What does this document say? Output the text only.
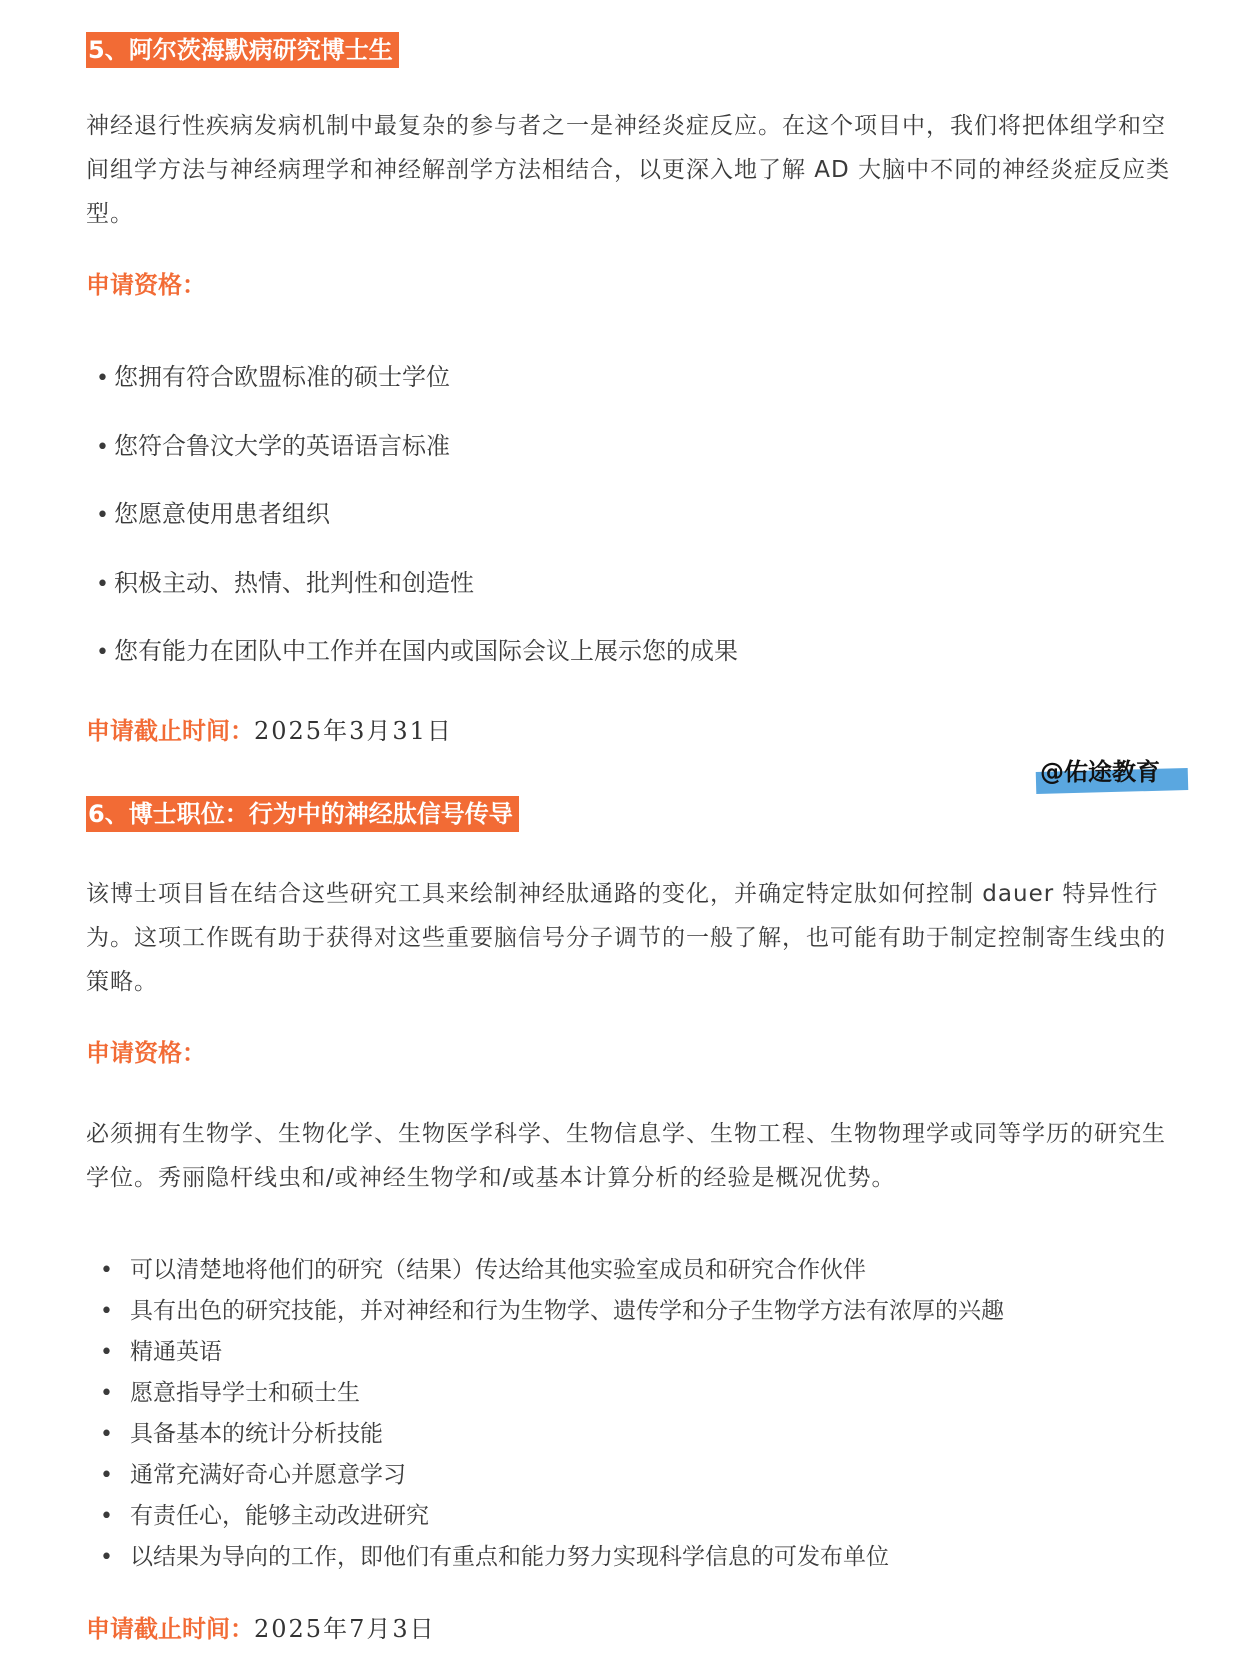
5、阿尔茨海默病研究博士生

神经退行性疾病发病机制中最复杂的参与者之一是神经炎症反应。在这个项目中，我们将把体组学和空间组学方法与神经病理学和神经解剖学方法相结合，以更深入地了解 AD 大脑中不同的神经炎症反应类型。

申请资格：
• 您拥有符合欧盟标准的硕士学位
• 您符合鲁汶大学的英语语言标准
• 您愿意使用患者组织
• 积极主动、热情、批判性和创造性
• 您有能力在团队中工作并在国内或国际会议上展示您的成果
申请截止时间：2025年3月31日
@佑途教育
6、博士职位：行为中的神经肽信号传导

该博士项目旨在结合这些研究工具来绘制神经肽通路的变化，并确定特定肽如何控制 dauer 特异性行为。这项工作既有助于获得对这些重要脑信号分子调节的一般了解，也可能有助于制定控制寄生线虫的策略。

申请资格：

必须拥有生物学、生物化学、生物医学科学、生物信息学、生物工程、生物物理学或同等学历的研究生学位。秀丽隐杆线虫和/或神经生物学和/或基本计算分析的经验是概况优势。

• 可以清楚地将他们的研究（结果）传达给其他实验室成员和研究合作伙伴
• 具有出色的研究技能，并对神经和行为生物学、遗传学和分子生物学方法有浓厚的兴趣
• 精通英语
• 愿意指导学士和硕士生
• 具备基本的统计分析技能
• 通常充满好奇心并愿意学习
• 有责任心，能够主动改进研究
• 以结果为导向的工作，即他们有重点和能力努力实现科学信息的可发布单位
申请截止时间：2025年7月3日
